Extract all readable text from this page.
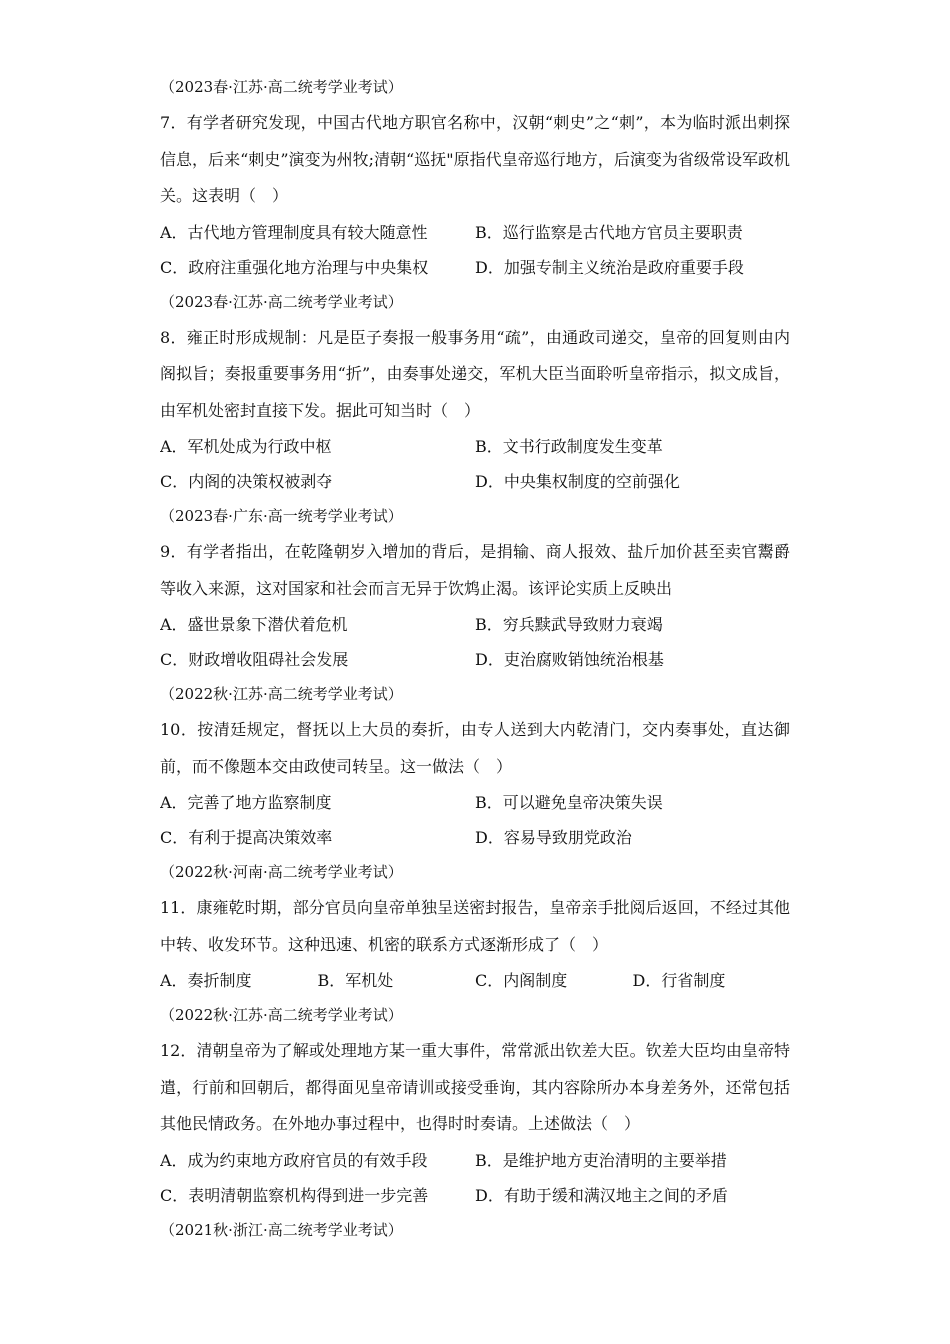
（2023春·江苏·高二统考学业考试）
7．有学者研究发现，中国古代地方职官名称中，汉朝“刺史”之“刺”，本为临时派出刺探信息，后来“刺史”演变为州牧;清朝“巡抚"原指代皇帝巡行地方，后演变为省级常设军政机关。这表明（　）
A．古代地方管理制度具有较大随意性	B．巡行监察是古代地方官员主要职责
C．政府注重强化地方治理与中央集权	D．加强专制主义统治是政府重要手段
（2023春·江苏·高二统考学业考试）
8．雍正时形成规制：凡是臣子奏报一般事务用“疏”，由通政司递交，皇帝的回复则由内阁拟旨；奏报重要事务用“折”，由奏事处递交，军机大臣当面聆听皇帝指示，拟文成旨，由军机处密封直接下发。据此可知当时（　）
A．军机处成为行政中枢	B．文书行政制度发生变革
C．内阁的决策权被剥夺	D．中央集权制度的空前强化
（2023春·广东·高一统考学业考试）
9．有学者指出，在乾隆朝岁入增加的背后，是捐输、商人报效、盐斤加价甚至卖官鬻爵等收入来源，这对国家和社会而言无异于饮鸩止渴。该评论实质上反映出
A．盛世景象下潜伏着危机	B．穷兵黩武导致财力衰竭
C．财政增收阻碍社会发展	D．吏治腐败销蚀统治根基
（2022秋·江苏·高二统考学业考试）
10．按清廷规定，督抚以上大员的奏折，由专人送到大内乾清门，交内奏事处，直达御前，而不像题本交由政使司转呈。这一做法（　）
A．完善了地方监察制度	B．可以避免皇帝决策失误
C．有利于提高决策效率	D．容易导致朋党政治
（2022秋·河南·高二统考学业考试）
11．康雍乾时期，部分官员向皇帝单独呈送密封报告，皇帝亲手批阅后返回，不经过其他中转、收发环节。这种迅速、机密的联系方式逐渐形成了（　）
A．奏折制度	B．军机处	C．内阁制度	D．行省制度
（2022秋·江苏·高二统考学业考试）
12．清朝皇帝为了解或处理地方某一重大事件，常常派出钦差大臣。钦差大臣均由皇帝特遣，行前和回朝后，都得面见皇帝请训或接受垂询，其内容除所办本身差务外，还常包括其他民情政务。在外地办事过程中，也得时时奏请。上述做法（　）
A．成为约束地方政府官员的有效手段	B．是维护地方吏治清明的主要举措
C．表明清朝监察机构得到进一步完善	D．有助于缓和满汉地主之间的矛盾
（2021秋·浙江·高二统考学业考试）
